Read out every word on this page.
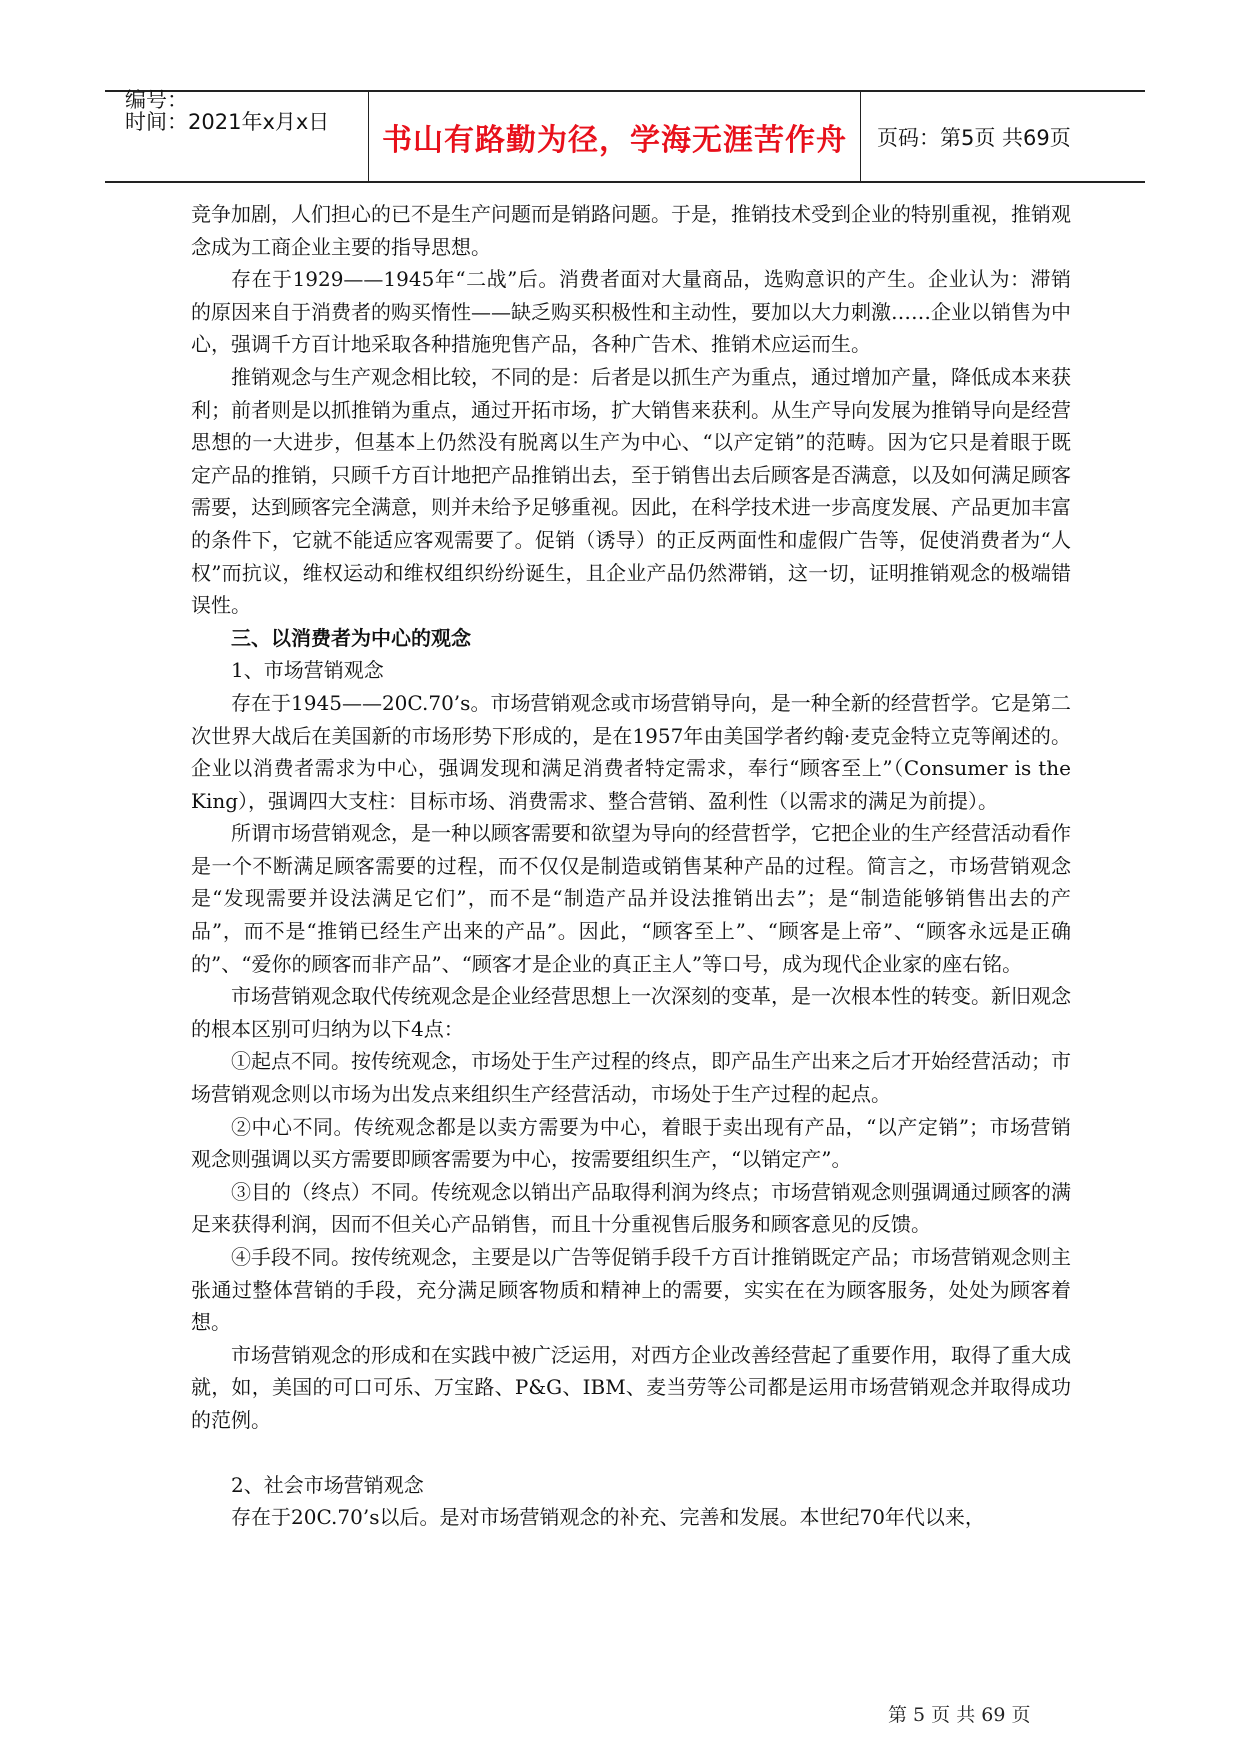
编号：
时间：2021年x月x日
书山有路勤为径，学海无涯苦作舟	页码：第5页 共69页

竞争加剧，人们担心的已不是生产问题而是销路问题。于是，推销技术受到企业的特别重视，推销观念成为工商企业主要的指导思想。

存在于1929——1945年“二战”后。消费者面对大量商品，选购意识的产生。企业认为：滞销的原因来自于消费者的购买惰性——缺乏购买积极性和主动性，要加以大力刺激……企业以销售为中心，强调千方百计地采取各种措施兜售产品，各种广告术、推销术应运而生。

推销观念与生产观念相比较，不同的是：后者是以抓生产为重点，通过增加产量，降低成本来获利；前者则是以抓推销为重点，通过开拓市场，扩大销售来获利。从生产导向发展为推销导向是经营思想的一大进步，但基本上仍然没有脱离以生产为中心、“以产定销”的范畴。因为它只是着眼于既定产品的推销，只顾千方百计地把产品推销出去，至于销售出去后顾客是否满意，以及如何满足顾客需要，达到顾客完全满意，则并未给予足够重视。因此，在科学技术进一步高度发展、产品更加丰富的条件下，它就不能适应客观需要了。促销（诱导）的正反两面性和虚假广告等，促使消费者为“人权”而抗议，维权运动和维权组织纷纷诞生，且企业产品仍然滞销，这一切，证明推销观念的极端错误性。

三、以消费者为中心的观念

1、市场营销观念

存在于1945——20C.70’s。市场营销观念或市场营销导向，是一种全新的经营哲学。它是第二次世界大战后在美国新的市场形势下形成的，是在1957年由美国学者约翰·麦克金特立克等阐述的。企业以消费者需求为中心，强调发现和满足消费者特定需求，奉行“顾客至上”（Consumer is the King），强调四大支柱：目标市场、消费需求、整合营销、盈利性（以需求的满足为前提）。

所谓市场营销观念，是一种以顾客需要和欲望为导向的经营哲学，它把企业的生产经营活动看作是一个不断满足顾客需要的过程，而不仅仅是制造或销售某种产品的过程。简言之，市场营销观念是“发现需要并设法满足它们”，而不是“制造产品并设法推销出去”；是“制造能够销售出去的产品”，而不是“推销已经生产出来的产品”。因此，“顾客至上”、“顾客是上帝”、“顾客永远是正确的”、“爱你的顾客而非产品”、“顾客才是企业的真正主人”等口号，成为现代企业家的座右铭。

市场营销观念取代传统观念是企业经营思想上一次深刻的变革，是一次根本性的转变。新旧观念的根本区别可归纳为以下4点：

①起点不同。按传统观念，市场处于生产过程的终点，即产品生产出来之后才开始经营活动；市场营销观念则以市场为出发点来组织生产经营活动，市场处于生产过程的起点。

②中心不同。传统观念都是以卖方需要为中心，着眼于卖出现有产品，“以产定销”；市场营销观念则强调以买方需要即顾客需要为中心，按需要组织生产，“以销定产”。

③目的（终点）不同。传统观念以销出产品取得利润为终点；市场营销观念则强调通过顾客的满足来获得利润，因而不但关心产品销售，而且十分重视售后服务和顾客意见的反馈。

④手段不同。按传统观念，主要是以广告等促销手段千方百计推销既定产品；市场营销观念则主张通过整体营销的手段，充分满足顾客物质和精神上的需要，实实在在为顾客服务，处处为顾客着想。

市场营销观念的形成和在实践中被广泛运用，对西方企业改善经营起了重要作用，取得了重大成就，如，美国的可口可乐、万宝路、P&G、IBM、麦当劳等公司都是运用市场营销观念并取得成功的范例。

2、社会市场营销观念

存在于20C.70’s以后。是对市场营销观念的补充、完善和发展。本世纪70年代以来，

第 5 页 共 69 页
